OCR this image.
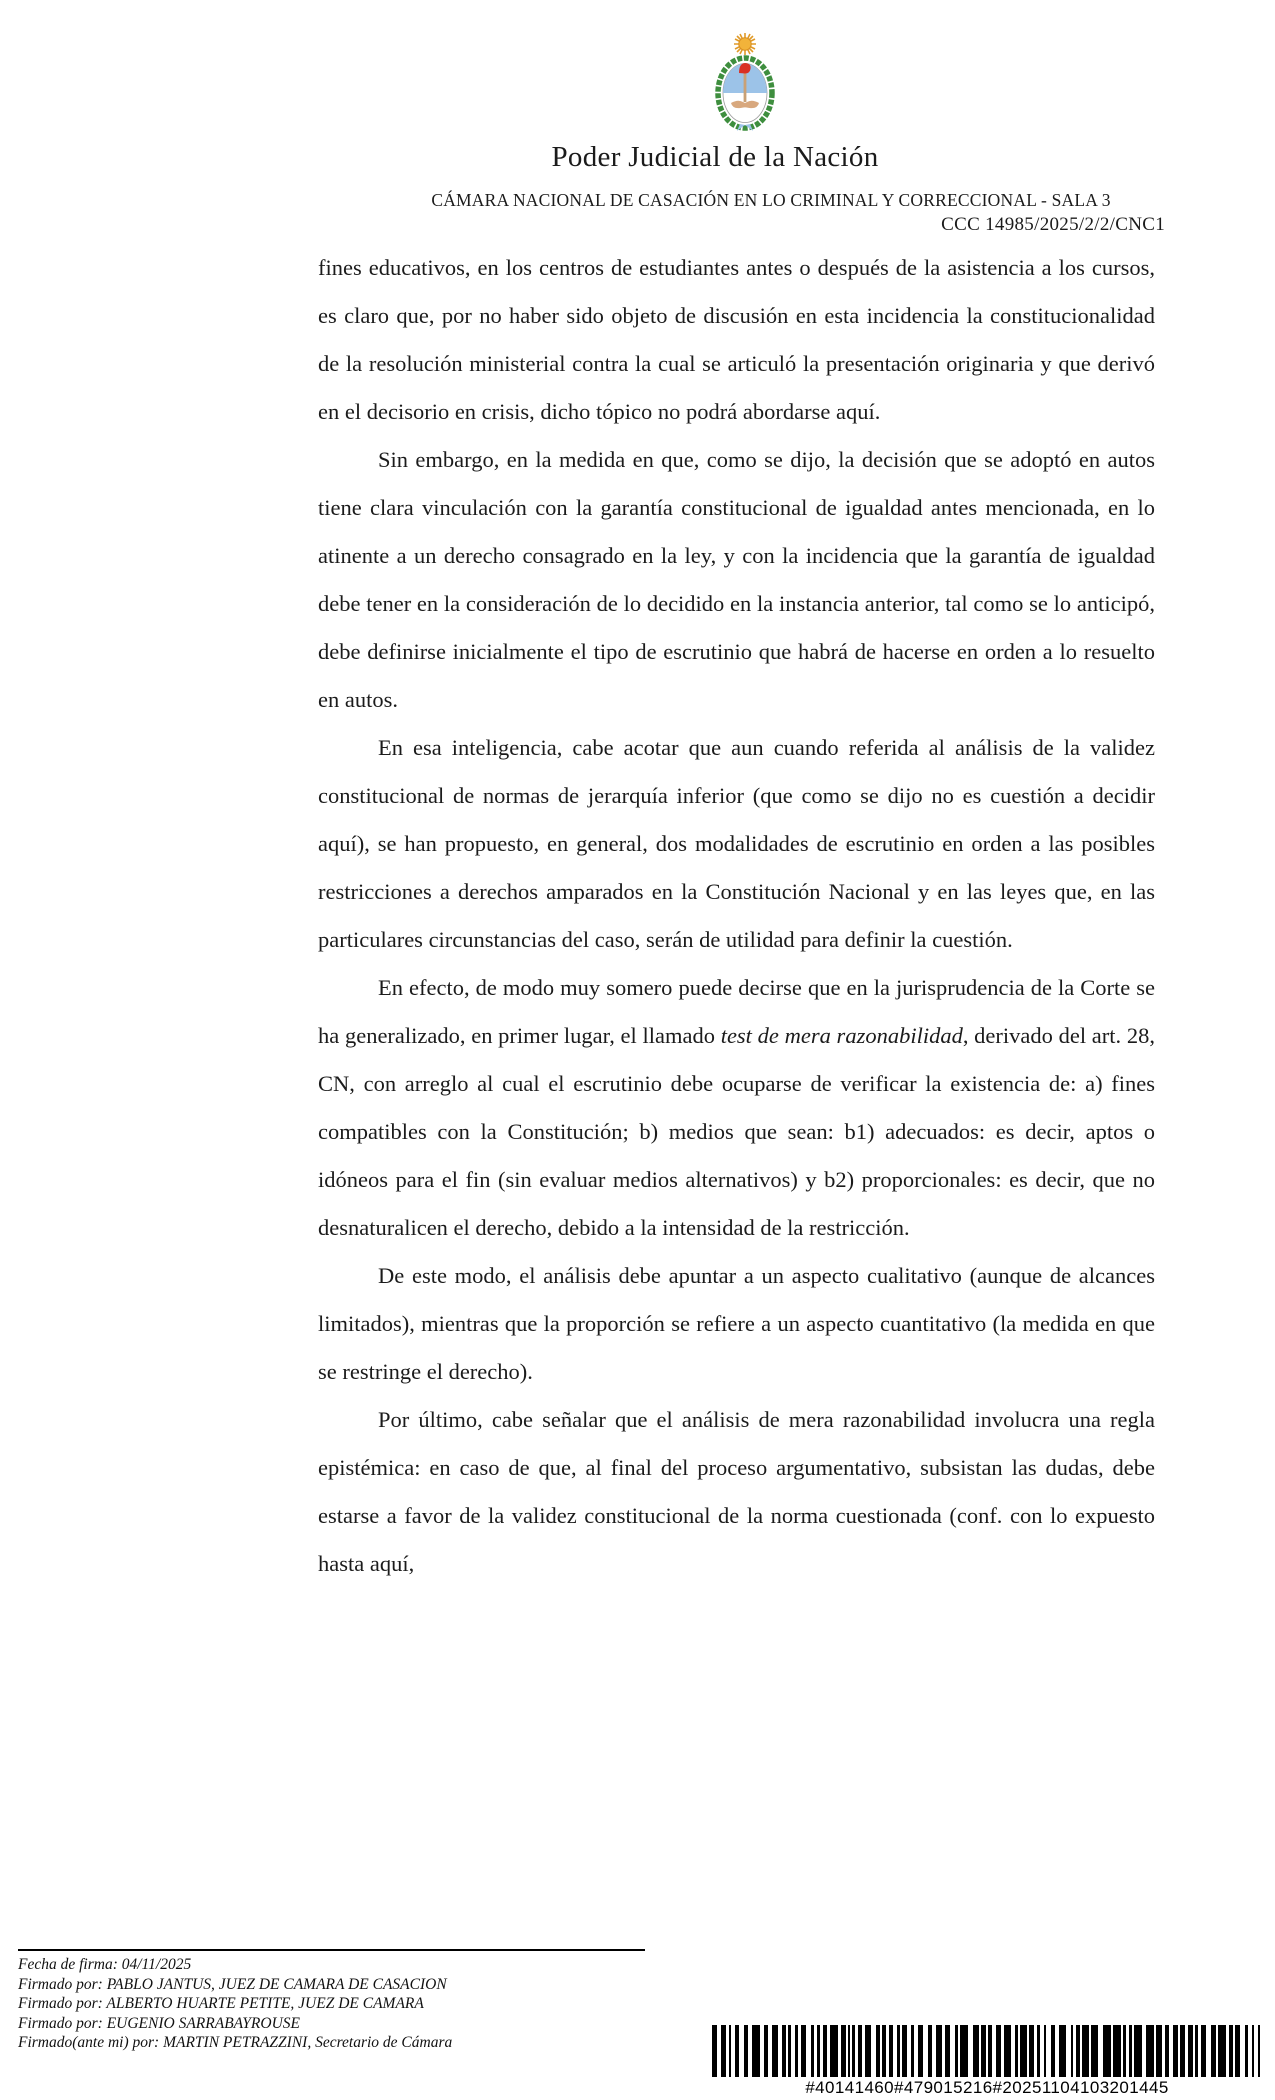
Poder Judicial de la Nación
CÁMARA NACIONAL DE CASACIÓN EN LO CRIMINAL Y CORRECCIONAL - SALA 3
CCC 14985/2025/2/2/CNC1

fines educativos, en los centros de estudiantes antes o después de la asistencia a los cursos, es claro que, por no haber sido objeto de discusión en esta incidencia la constitucionalidad de la resolución ministerial contra la cual se articuló la presentación originaria y que derivó en el decisorio en crisis, dicho tópico no podrá abordarse aquí.

Sin embargo, en la medida en que, como se dijo, la decisión que se adoptó en autos tiene clara vinculación con la garantía constitucional de igualdad antes mencionada, en lo atinente a un derecho consagrado en la ley, y con la incidencia que la garantía de igualdad debe tener en la consideración de lo decidido en la instancia anterior, tal como se lo anticipó, debe definirse inicialmente el tipo de escrutinio que habrá de hacerse en orden a lo resuelto en autos.

En esa inteligencia, cabe acotar que aun cuando referida al análisis de la validez constitucional de normas de jerarquía inferior (que como se dijo no es cuestión a decidir aquí), se han propuesto, en general, dos modalidades de escrutinio en orden a las posibles restricciones a derechos amparados en la Constitución Nacional y en las leyes que, en las particulares circunstancias del caso, serán de utilidad para definir la cuestión.

En efecto, de modo muy somero puede decirse que en la jurisprudencia de la Corte se ha generalizado, en primer lugar, el llamado test de mera razonabilidad, derivado del art. 28, CN, con arreglo al cual el escrutinio debe ocuparse de verificar la existencia de: a) fines compatibles con la Constitución; b) medios que sean: b1) adecuados: es decir, aptos o idóneos para el fin (sin evaluar medios alternativos) y b2) proporcionales: es decir, que no desnaturalicen el derecho, debido a la intensidad de la restricción.

De este modo, el análisis debe apuntar a un aspecto cualitativo (aunque de alcances limitados), mientras que la proporción se refiere a un aspecto cuantitativo (la medida en que se restringe el derecho).

Por último, cabe señalar que el análisis de mera razonabilidad involucra una regla epistémica: en caso de que, al final del proceso argumentativo, subsistan las dudas, debe estarse a favor de la validez constitucional de la norma cuestionada (conf. con lo expuesto hasta aquí,

Fecha de firma: 04/11/2025
Firmado por: PABLO JANTUS, JUEZ DE CAMARA DE CASACION
Firmado por: ALBERTO HUARTE PETITE, JUEZ DE CAMARA
Firmado por: EUGENIO SARRABAYROUSE
Firmado(ante mi) por: MARTIN PETRAZZINI, Secretario de Cámara
#40141460#479015216#20251104103201445
